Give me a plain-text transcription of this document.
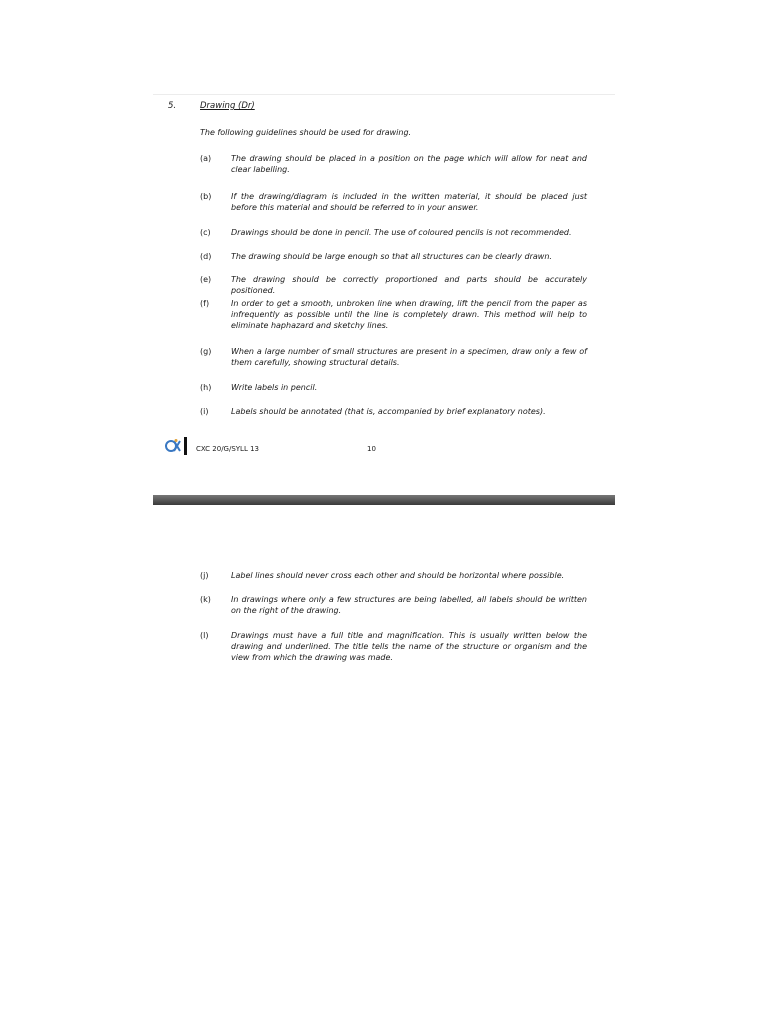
5.	Drawing (Dr)
The following guidelines should be used for drawing.
(a) The drawing should be placed in a position on the page which will allow for neat and clear labelling.
(b) If the drawing/diagram is included in the written material, it should be placed just before this material and should be referred to in your answer.
(c)	Drawings should be done in pencil. The use of coloured pencils is not recommended.
(d) The drawing should be large enough so that all structures can be clearly drawn.
(e) The drawing should be correctly proportioned and parts should be accurately positioned.
(f)	In order to get a smooth, unbroken line when drawing, lift the pencil from the paper as infrequently as possible until the line is completely drawn. This method will help to eliminate haphazard and sketchy lines.
(g) When a large number of small structures are present in a specimen, draw only a few of them carefully, showing structural details.
(h) Write labels in pencil.
(i)	Labels should be annotated (that is, accompanied by brief explanatory notes).
CXC 20/G/SYLL 13	10
(j)	Label lines should never cross each other and should be horizontal where possible.
(k)	In drawings where only a few structures are being labelled, all labels should be written on the right of the drawing.
(l)	Drawings must have a full title and magnification. This is usually written below the drawing and underlined. The title tells the name of the structure or organism and the view from which the drawing was made.
